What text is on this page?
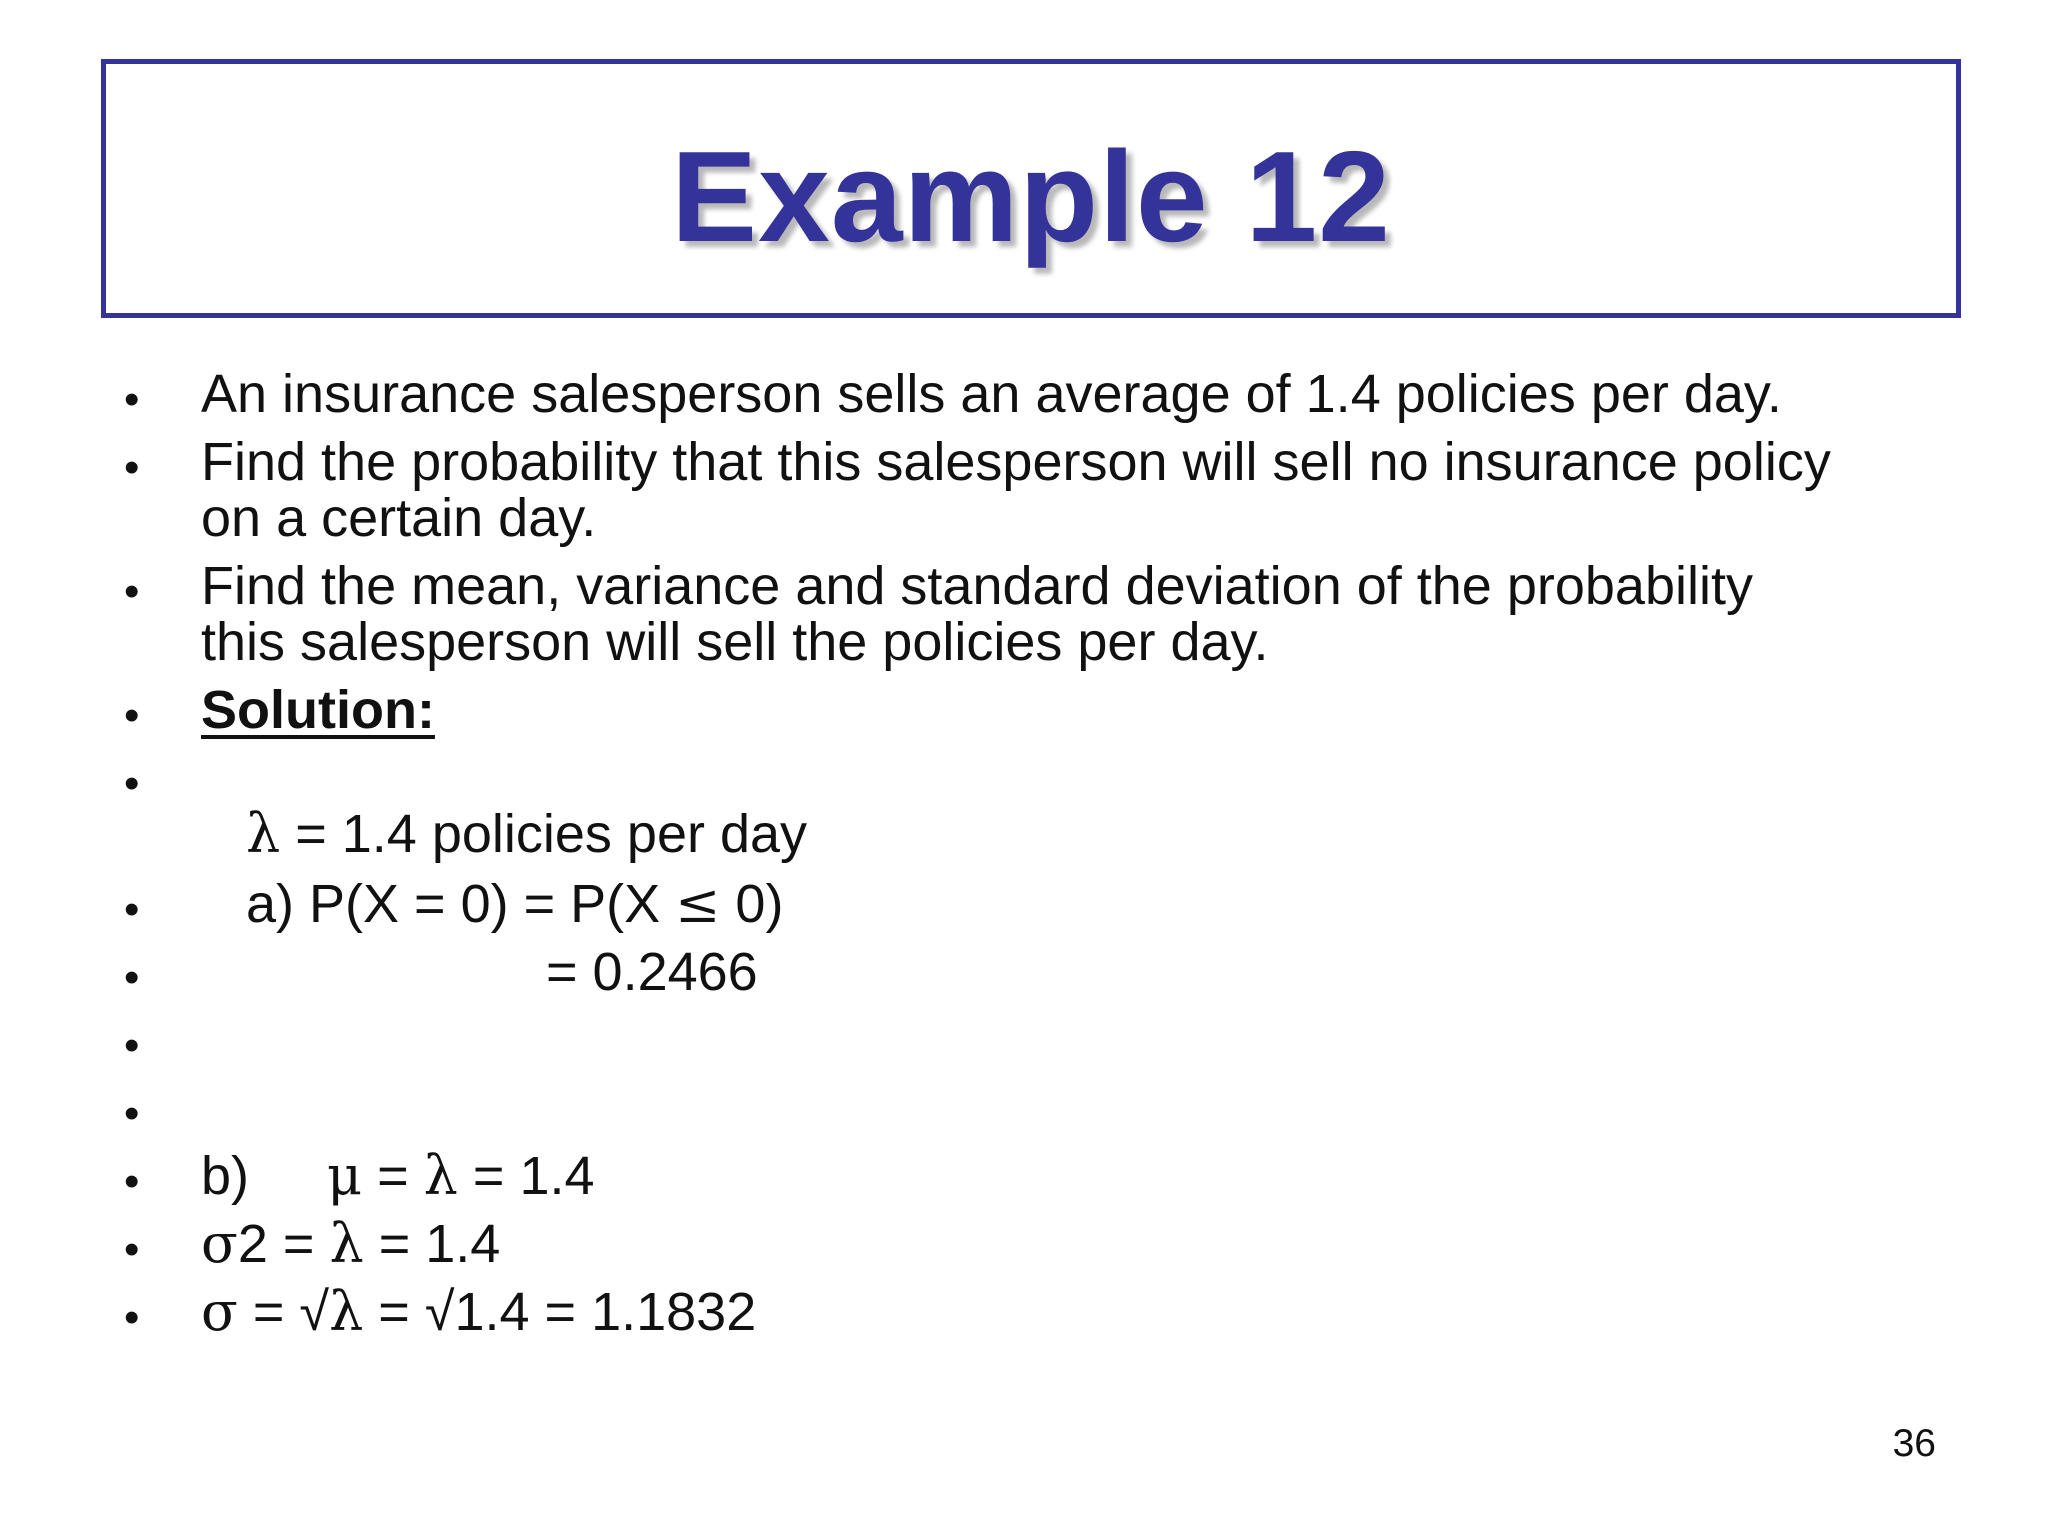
Example 12
•
•
•
•
•
•
•
•
•
•
•
•
An insurance salesperson sells an average of 1.4 policies per day.
Find the probability that this salesperson will sell no insurance policy
on a certain day.
Find the mean, variance and standard deviation of the probability
this salesperson will sell the policies per day.
Solution:
λ = 1.4 policies per day
a) P(X = 0) = P(X ≤ 0)
= 0.2466
b) μ = λ = 1.4
σ2 = λ = 1.4
σ = √λ = √1.4 = 1.1832
36
